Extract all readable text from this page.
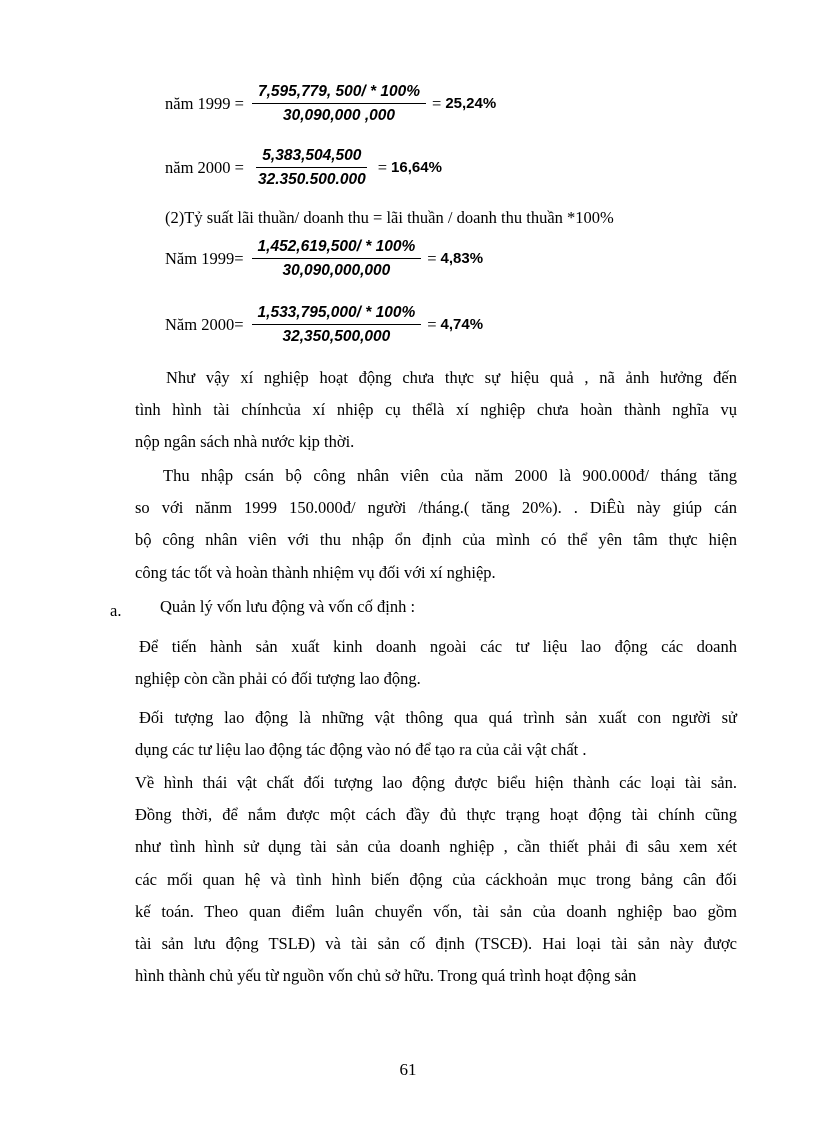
năm $1999 = \frac{7,595,779, 500/ * 100\%}{30,090,000 ,000} = 25,24\%$
năm $2000 = \frac{5,383,504,500}{32.350.500.000} = 16,64\%$
(2)Tỷ suất lãi thuần/ doanh thu = lãi thuần / doanh thu thuần *100%
Năm $1999= \frac{1,452,619,500/ * 100\%}{30,090,000,000} = 4,83\%$
Năm $2000= \frac{1,533,795,000/ * 100\%}{32,350,500,000} = 4,74\%$
Như vậy xí nghiệp hoạt động chưa thực sự hiệu quả , nã ảnh hưởng đến
tình hình tài chínhcủa xí nhiệp cụ thểlà xí nghiệp chưa hoàn thành nghĩa vụ
nộp ngân sách nhà nước kịp thời.
Thu nhập csán bộ công nhân viên của năm 2000 là 900.000đ/ tháng tăng
so với nănm 1999 150.000đ/ người /tháng.( tăng 20%). . DiÊù này giúp cán
bộ công nhân viên với thu nhập ổn định của mình có thể yên tâm thực hiện
công tác tốt và hoàn thành nhiệm vụ đối với xí nghiệp.
a. Quản lý vốn lưu động và vốn cố định :
Để tiến hành sản xuất kinh doanh ngoài các tư liệu lao động các doanh
nghiệp còn cần phải có đối tượng lao động.
Đối tượng lao động là những vật thông qua quá trình sản xuất con người sử
dụng các tư liệu lao động tác động vào nó để tạo ra của cải vật chất .
Về hình thái vật chất đối tượng lao động được biểu hiện thành các loại tài sản.
Đồng thời, để nắm được một cách đầy đủ thực trạng hoạt động tài chính cũng
như tình hình sử dụng tài sản của doanh nghiệp , cần thiết phải đi sâu xem xét
các mối quan hệ và tình hình biến động của cáckhoản mục trong bảng cân đối
kế toán. Theo quan điểm luân chuyển vốn, tài sản của doanh nghiệp bao gồm
tài sản lưu động TSLĐ) và tài sản cố định (TSCĐ). Hai loại tài sản này được
hình thành chủ yếu từ nguồn vốn chủ sở hữu. Trong quá trình hoạt động sản
61
